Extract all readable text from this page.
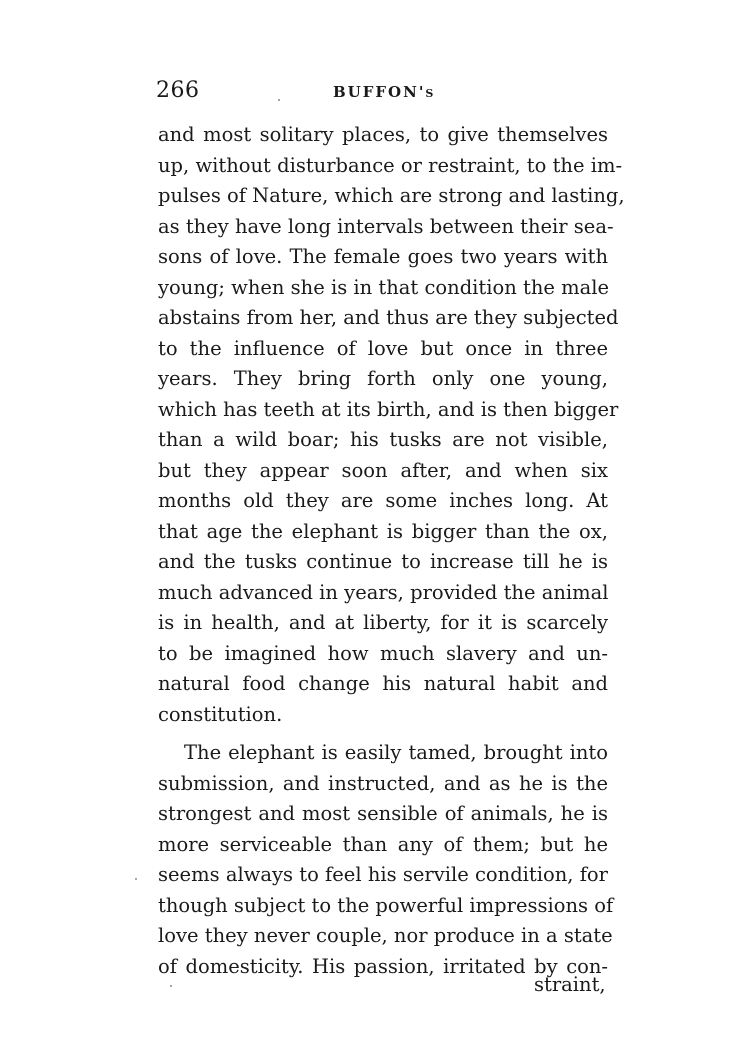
266	BUFFON's
and most solitary places, to give themselves
up, without disturbance or restraint, to the im-
pulses of Nature, which are strong and lasting,
as they have long intervals between their sea-
sons of love. The female goes two years with
young; when she is in that condition the male
abstains from her, and thus are they subjected
to the influence of love but once in three
years. They bring forth only one young,
which has teeth at its birth, and is then bigger
than a wild boar; his tusks are not visible,
but they appear soon after, and when six
months old they are some inches long. At
that age the elephant is bigger than the ox,
and the tusks continue to increase till he is
much advanced in years, provided the animal
is in health, and at liberty, for it is scarcely
to be imagined how much slavery and un-
natural food change his natural habit and
constitution.
The elephant is easily tamed, brought into
submission, and instructed, and as he is the
strongest and most sensible of animals, he is
more serviceable than any of them; but he
seems always to feel his servile condition, for
though subject to the powerful impressions of
love they never couple, nor produce in a state
of domesticity. His passion, irritated by con-
straint,
